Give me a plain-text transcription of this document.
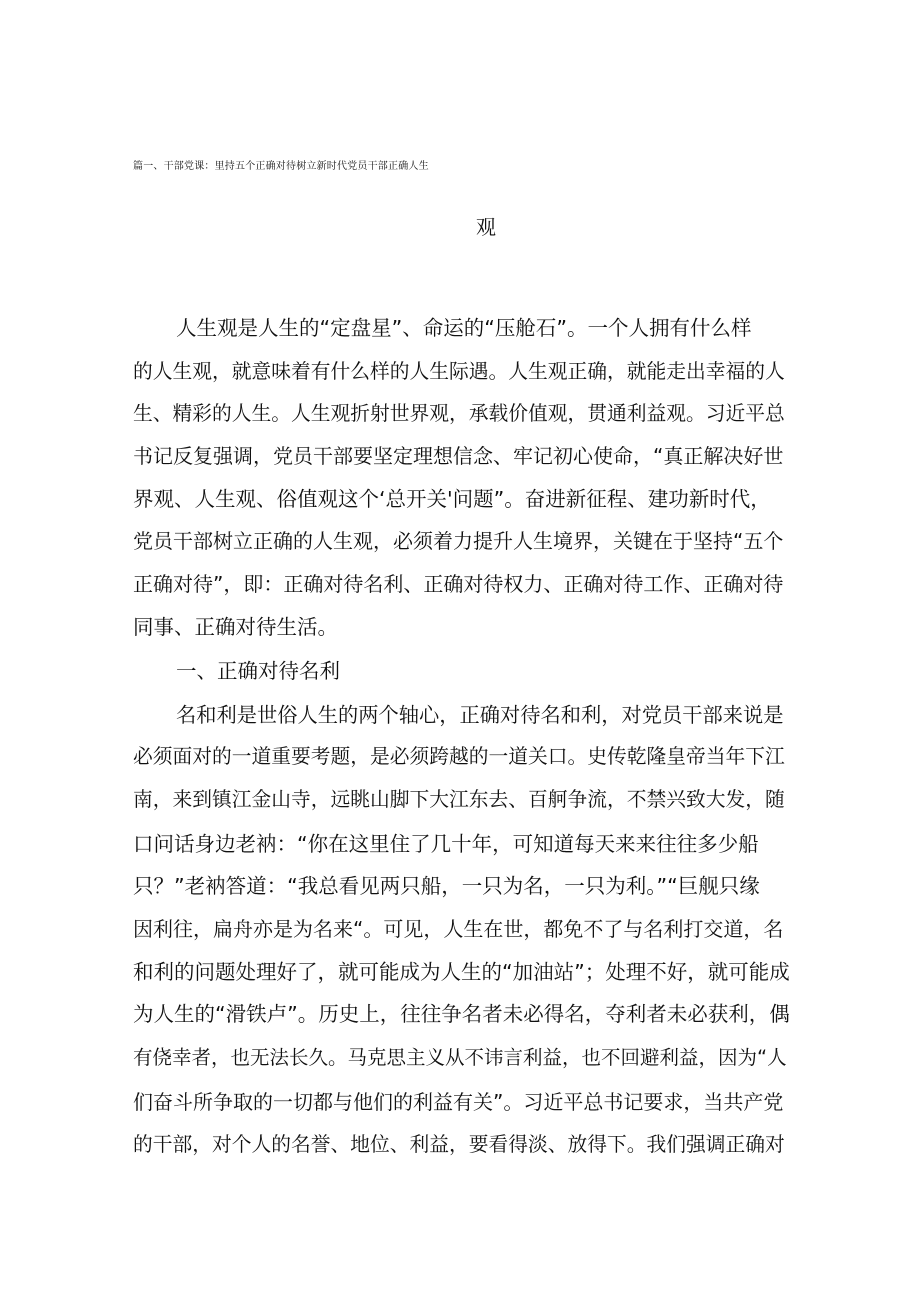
篇一、干部党课：里持五个正确对待树立新时代党员干部正确人生
观
人生观是人生的“定盘星”、命运的“压舱石”。一个人拥有什么样
的人生观，就意味着有什么样的人生际遇。人生观正确，就能走出幸福的人
生、精彩的人生。人生观折射世界观，承载价值观，贯通利益观。习近平总
书记反复强调，党员干部要坚定理想信念、牢记初心使命，“真正解决好世
界观、人生观、俗值观这个‘总开关'问题”。奋进新征程、建功新时代，
党员干部树立正确的人生观，必须着力提升人生境界，关键在于坚持“五个
正确对待”，即：正确对待名利、正确对待权力、正确对待工作、正确对待
同事、正确对待生活。
一、正确对待名利
名和利是世俗人生的两个轴心，正确对待名和利，对党员干部来说是
必须面对的一道重要考题，是必须跨越的一道关口。史传乾隆皇帝当年下江
南，来到镇江金山寺，远眺山脚下大江东去、百舸争流，不禁兴致大发，随
口问话身边老衲：“你在这里住了几十年，可知道每天来来往往多少船
只？”老衲答道：“我总看见两只船，一只为名，一只为利。”“巨舰只缘
因利往，扁舟亦是为名来“。可见，人生在世，都免不了与名利打交道，名
和利的问题处理好了，就可能成为人生的“加油站”；处理不好，就可能成
为人生的“滑铁卢”。历史上，往往争名者未必得名，夺利者未必获利，偶
有侥幸者，也无法长久。马克思主义从不讳言利益，也不回避利益，因为“人
们奋斗所争取的一切都与他们的利益有关”。习近平总书记要求，当共产党
的干部，对个人的名誉、地位、利益，要看得淡、放得下。我们强调正确对
